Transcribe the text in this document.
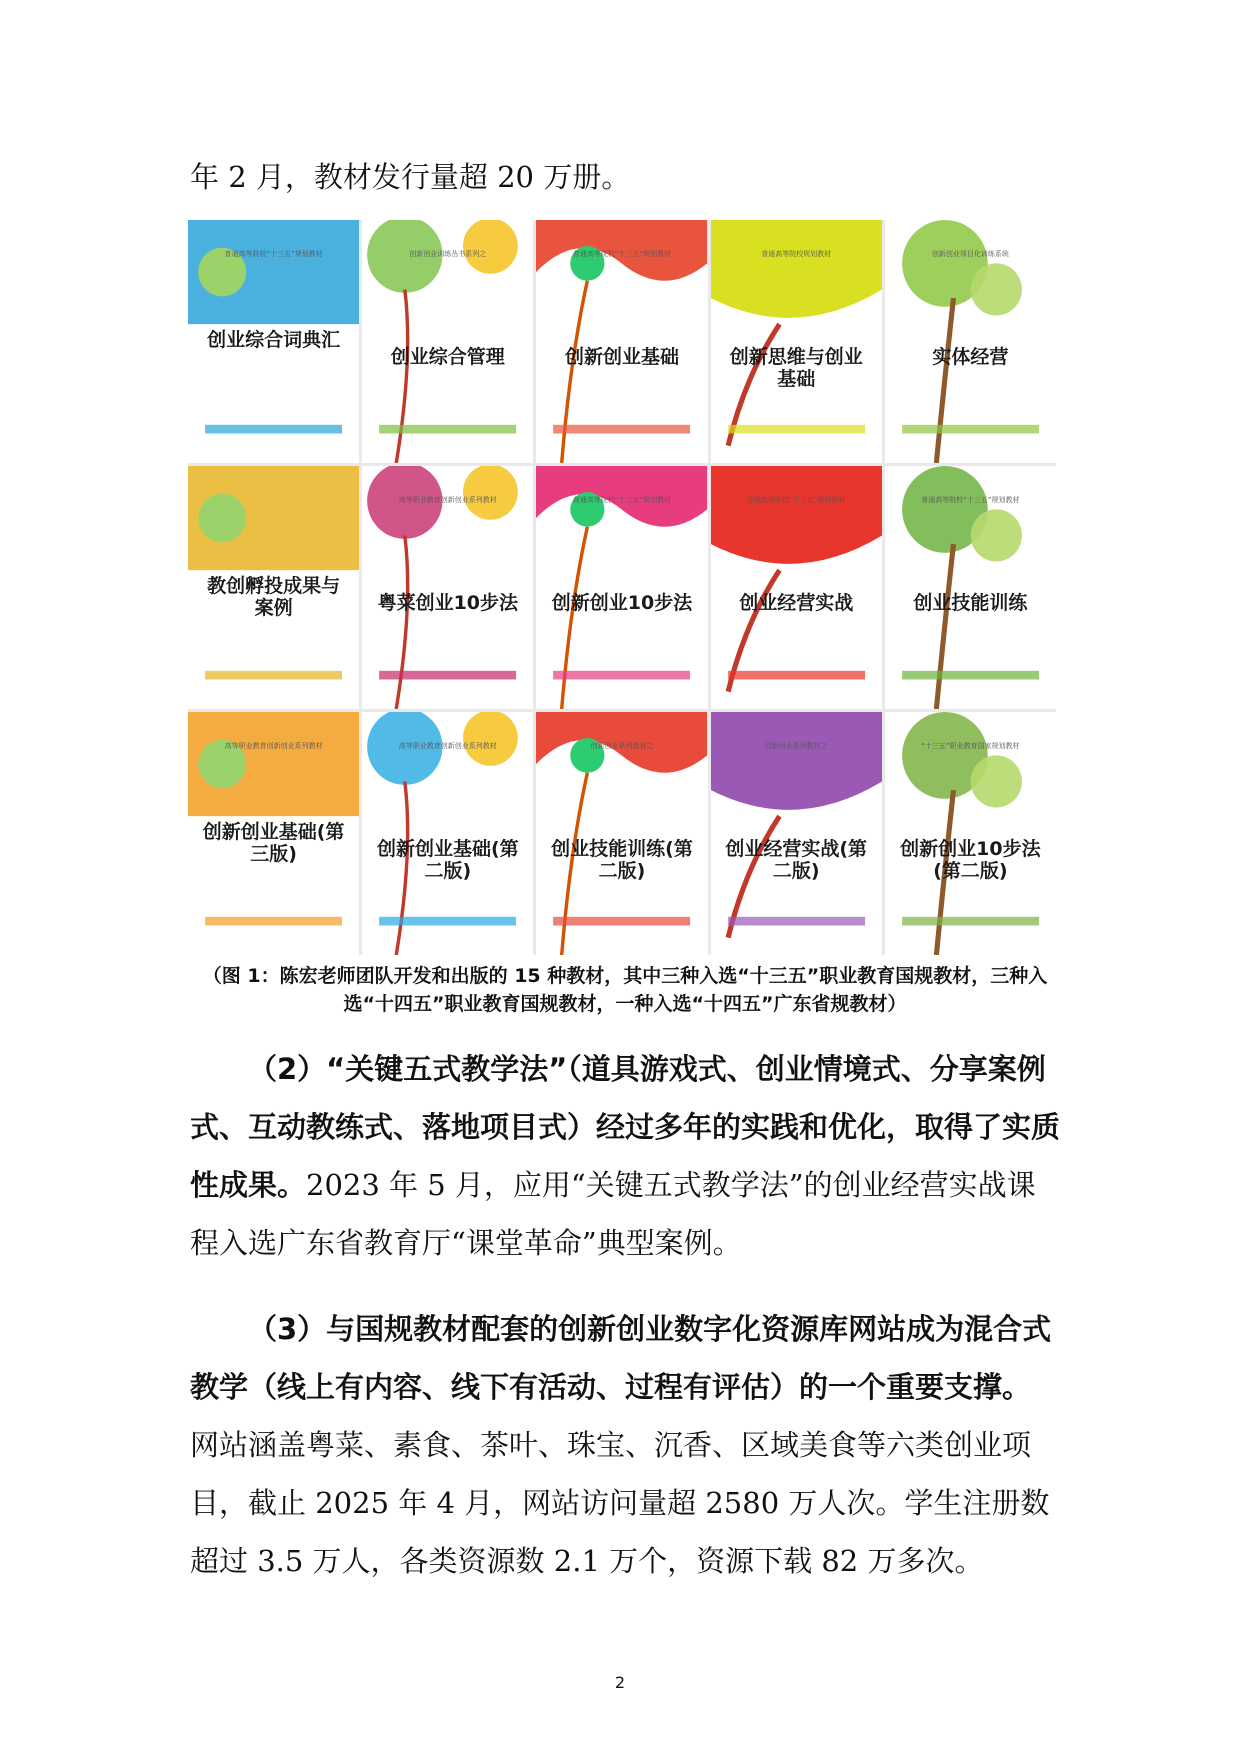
年 2 月，教材发行量超 20 万册。
普通高等院校“十三五”规划教材
创业综合词典汇
创新创业训练丛书系列之
创业综合管理
普通高等院校“十三五”规划教材
创新创业基础
普通高等院校规划教材
创新思维与创业基础
创新创业项目化训练系统
实体经营
教创孵投成果与案例
高等职业教育创新创业系列教材
粤菜创业10步法
普通高等院校“十三五”规划教材
创新创业10步法
普通高等院校“十三五”规划教材
创业经营实战
普通高等院校“十三五”规划教材
创业技能训练
高等职业教育创新创业系列教材
创新创业基础(第三版)
高等职业教育创新创业系列教材
创新创业基础(第二版)
创新创业系列教材之
创业技能训练(第二版)
创新创业系列教材之
创业经营实战(第二版)
“十三五”职业教育国家规划教材
创新创业10步法(第二版)
（图 1：陈宏老师团队开发和出版的 15 种教材，其中三种入选“十三五”职业教育国规教材，三种入选“十四五”职业教育国规教材，一种入选“十四五”广东省规教材）
（2）“关键五式教学法”（道具游戏式、创业情境式、分享案例式、互动教练式、落地项目式）经过多年的实践和优化，取得了实质性成果。2023 年 5 月，应用“关键五式教学法”的创业经营实战课程入选广东省教育厅“课堂革命”典型案例。
（3）与国规教材配套的创新创业数字化资源库网站成为混合式教学（线上有内容、线下有活动、过程有评估）的一个重要支撑。网站涵盖粤菜、素食、茶叶、珠宝、沉香、区域美食等六类创业项目，截止 2025 年 4 月，网站访问量超 2580 万人次。学生注册数超过 3.5 万人，各类资源数 2.1 万个，资源下载 82 万多次。
2
